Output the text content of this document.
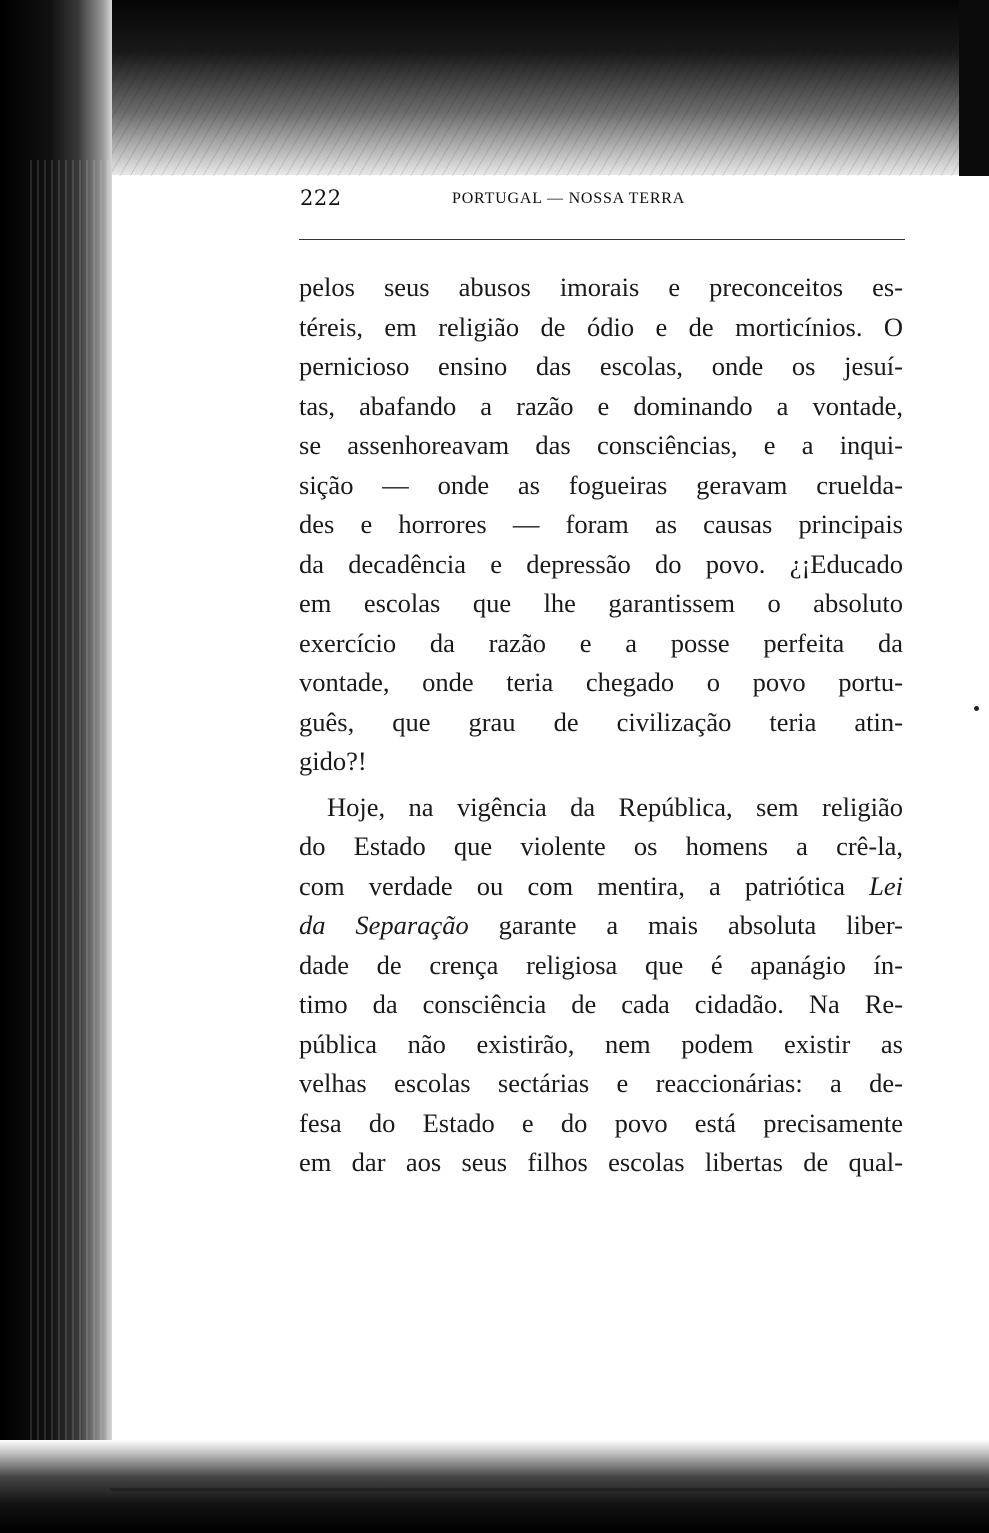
222	PORTUGAL — NOSSA TERRA
pelos seus abusos imorais e preconceitos es-
téreis, em religião de ódio e de morticínios. O
pernicioso ensino das escolas, onde os jesuí-
tas, abafando a razão e dominando a vontade,
se assenhoreavam das consciências, e a inqui-
sição — onde as fogueiras geravam crueldа-
des e horrores — foram as causas principais
da decadência e depressão do povo. ¿¡Educado
em escolas que lhe garantissem o absoluto
exercício da razão e a posse perfeita da
vontade, onde teria chegado o povo portu-
guês, que grau de civilização teria atin-
gido?!
Hoje, na vigência da República, sem religião
do Estado que violente os homens a crê-la,
com verdade ou com mentira, a patriótica Lei
da Separação garante a mais absoluta liber-
dade de crença religiosa que é apanágio ín-
timo da consciência de cada cidadão. Na Re-
pública não existirão, nem podem existir as
velhas escolas sectárias e reaccionárias: a de-
fesa do Estado e do povo está precisamente
em dar aos seus filhos escolas libertas de qual-
